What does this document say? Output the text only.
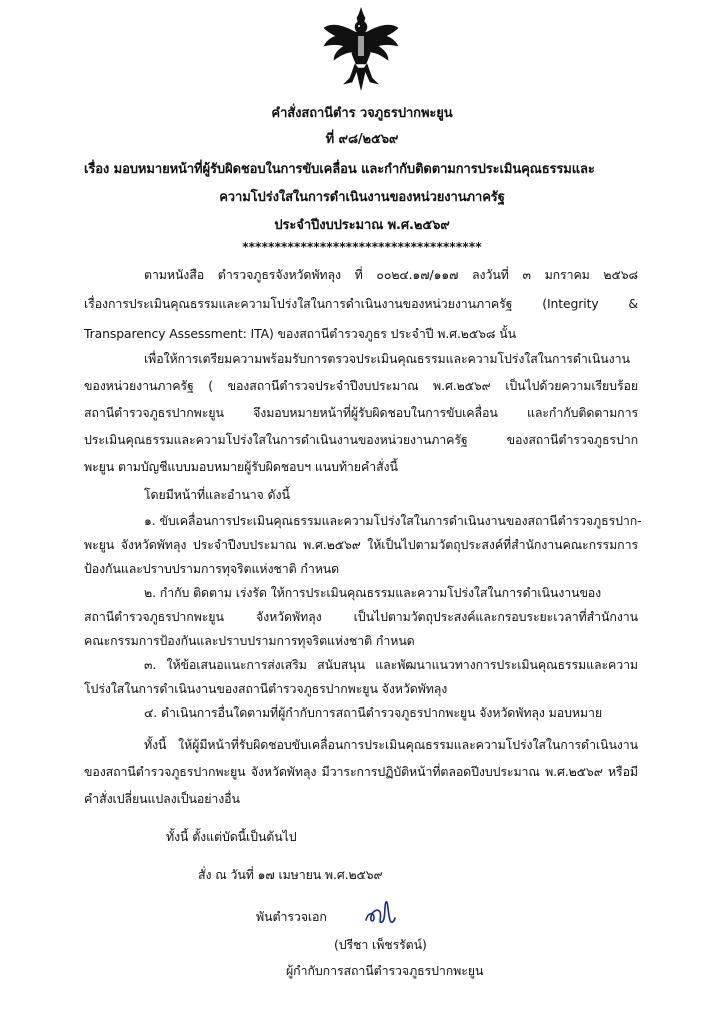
คำสั่งสถานีตำร วจภูธรปากพะยูน
ที่ ๙๘/๒๕๖๙
เรื่อง มอบหมายหน้าที่ผู้รับผิดชอบในการขับเคลื่อน และกำกับติดตามการประเมินคุณธรรมและ
ความโปร่งใสในการดำเนินงานของหน่วยงานภาครัฐ
ประจำปีงบประมาณ พ.ศ.๒๕๖๙
*************************************
ตามหนังสือ ตำรวจภูธรจังหวัดพัทลุง ที่ ๐๐๒๔.๑๗/๑๑๗ ลงวันที่ ๓ มกราคม ๒๕๖๘
เรื่องการประเมินคุณธรรมและความโปร่งใสในการดำเนินงานของหน่วยงานภาครัฐ (Integrity &
Transparency Assessment: ITA) ของสถานีตำรวจภูธร ประจำปี พ.ศ.๒๕๖๘ นั้น
เพื่อให้การเตรียมความพร้อมรับการตรวจประเมินคุณธรรมและความโปร่งใสในการดำเนินงาน
ของหน่วยงานภาครัฐ ( ของสถานีตำรวจประจำปีงบประมาณ พ.ศ.๒๕๖๙ เป็นไปด้วยความเรียบร้อย
สถานีตำรวจภูธรปากพะยูน จึงมอบหมายหน้าที่ผู้รับผิดชอบในการขับเคลื่อน และกำกับติดตามการ
ประเมินคุณธรรมและความโปร่งใสในการดำเนินงานของหน่วยงานภาครัฐ ของสถานีตำรวจภูธรปาก
พะยูน ตามบัญชีแบบมอบหมายผู้รับผิดชอบฯ แนบท้ายคำสั่งนี้
โดยมีหน้าที่และอำนาจ ดังนี้
๑. ขับเคลื่อนการประเมินคุณธรรมและความโปร่งใสในการดำเนินงานของสถานีตำรวจภูธรปาก-
พะยูน จังหวัดพัทลุง ประจำปีงบประมาณ พ.ศ.๒๕๖๙ ให้เป็นไปตามวัตถุประสงค์ที่สำนักงานคณะกรรมการ
ป้องกันและปราบปรามการทุจริตแห่งชาติ กำหนด
๒. กำกับ ติดตาม เร่งรัด ให้การประเมินคุณธรรมและความโปร่งใสในการดำเนินงานของ
สถานีตำรวจภูธรปากพะยูน จังหวัดพัทลุง เป็นไปตามวัตถุประสงค์และกรอบระยะเวลาที่สำนักงาน
คณะกรรมการป้องกันและปราบปรามการทุจริตแห่งชาติ กำหนด
๓. ให้ข้อเสนอแนะการส่งเสริม สนับสนุน และพัฒนาแนวทางการประเมินคุณธรรมและความ
โปร่งใสในการดำเนินงานของสถานีตำรวจภูธรปากพะยูน จังหวัดพัทลุง
๔. ดำเนินการอื่นใดตามที่ผู้กำกับการสถานีตำรวจภูธรปากพะยูน จังหวัดพัทลุง มอบหมาย
ทั้งนี้ ให้ผู้มีหน้าที่รับผิดชอบขับเคลื่อนการประเมินคุณธรรมและความโปร่งใสในการดำเนินงาน
ของสถานีตำรวจภูธรปากพะยูน จังหวัดพัทลุง มีวาระการปฏิบัติหน้าที่ตลอดปีงบประมาณ พ.ศ.๒๕๖๙ หรือมี
คำสั่งเปลี่ยนแปลงเป็นอย่างอื่น
ทั้งนี้ ตั้งแต่บัดนี้เป็นต้นไป
สั่ง ณ วันที่ ๑๗ เมษายน พ.ศ.๒๕๖๙
พันตำรวจเอก
(ปรีชา เพ็ชรรัตน์)
ผู้กำกับการสถานีตำรวจภูธรปากพะยูน
